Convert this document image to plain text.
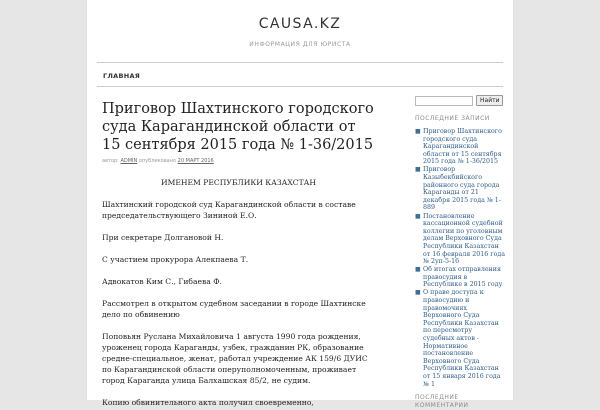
CAUSA.KZ
ИНФОРМАЦИЯ ДЛЯ ЮРИСТА
ГЛАВНАЯ
Приговор Шахтинского городского суда Карагандинской области от 15 сентября 2015 года № 1-36/2015
автор: ADMIN опубликовано 20 МАРТ 2016

ИМЕНЕМ РЕСПУБЛИКИ КАЗАХСТАН

Шахтинский городской суд Карагандинской области в составе председательствующего Зининой Е.О.

При секретаре Долгановой Н.

С участием прокурора Алекпаева Т.

Адвокатов Ким С., Гибаева Ф.

Рассмотрел в открытом судебном заседании в городе Шахтинске дело по обвинению

Поповьян Руслана Михайловича 1 августа 1990 года рождения, уроженец города Караганды, узбек, гражданин РК, образование средне-специальное, женат, работал учреждение АК 159/6 ДУИС по Карагандинской области оперуполномоченным, проживает город Караганда улица Балхашская 85/2, не судим.

Копию обвинительного акта получил своевременно,

Найти
ПОСЛЕДНИЕ ЗАПИСИ
■ Приговор Шахтинского городского суда Карагандинской области от 15 сентября 2015 года № 1-36/2015
■ Приговор Казыбекбийского районного суда города Караганды от 21 декабря 2015 года № 1-889
■ Постановление кассационной судебной коллегии по уголовным делам Верховного Суда Республики Казахстан от 16 февраля 2016 года № 2уп-5-16
■ Об итогах отправления правосудия в Республике в 2015 году
■ О праве доступа к правосудию и правомочиях Верховного Суда Республики Казахстан по пересмотру судебных актов - Нормативное постановление Верховного Суда Республики Казахстан от 15 января 2016 года № 1
ПОСЛЕДНИЕ КОММЕНТАРИИ
